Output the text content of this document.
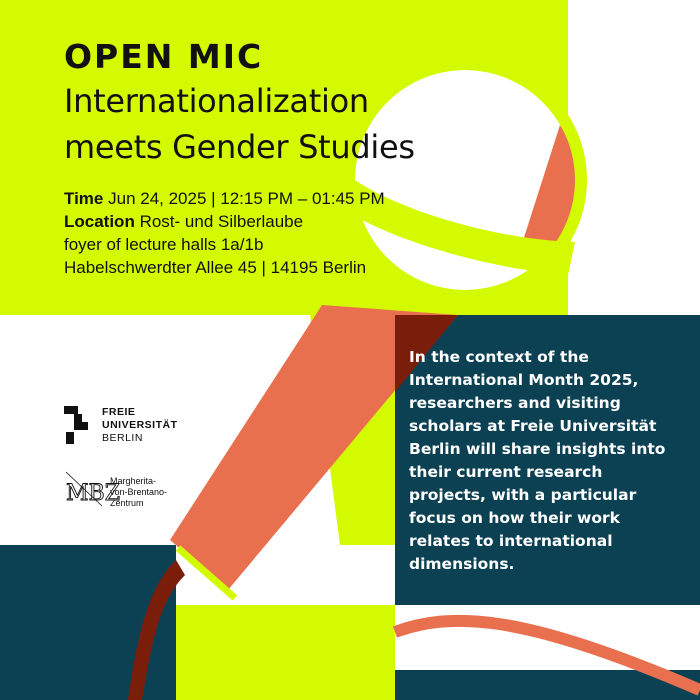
OPEN MIC
Internationalization
meets Gender Studies
Time Jun 24, 2025 | 12:15 PM – 01:45 PM
Location Rost- und Silberlaube
foyer of lecture halls 1a/1b
Habelschwerdter Allee 45 | 14195 Berlin

In the context of the International Month 2025, researchers and visiting scholars at Freie Universität Berlin will share insights into their current research projects, with a particular focus on how their work relates to international dimensions.

FREIE
UNIVERSITÄT
BERLIN
MBZ
Margherita-
von-Brentano-
Zentrum
